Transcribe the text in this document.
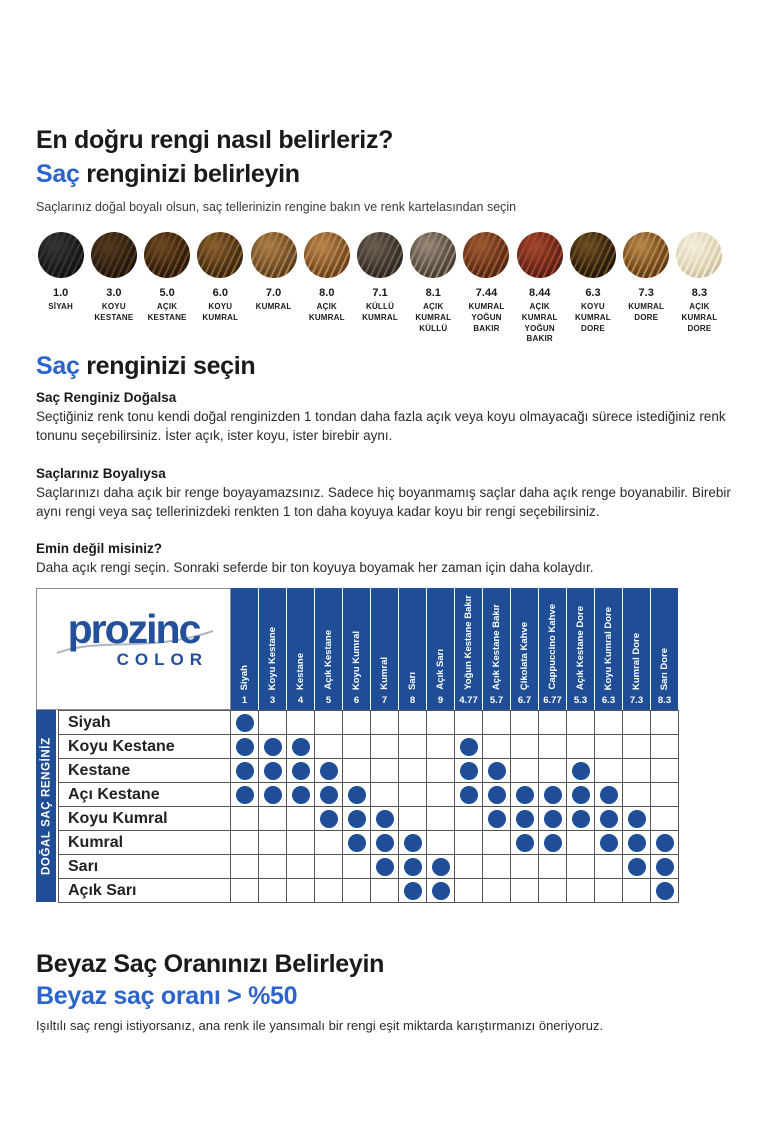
En doğru rengi nasıl belirleriz?
Saç renginizi belirleyin
Saçlarınız doğal boyalı olsun, saç tellerinizin rengine bakın ve renk kartelasından seçin
1.0
SİYAH
3.0
KOYU KESTANE
5.0
AÇIK KESTANE
6.0
KOYU KUMRAL
7.0
KUMRAL
8.0
AÇIK KUMRAL
7.1
KÜLLÜ KUMRAL
8.1
AÇIK KUMRAL KÜLLÜ
7.44
KUMRAL YOĞUN BAKIR
8.44
AÇIK KUMRAL YOĞUN BAKIR
6.3
KOYU KUMRAL DORE
7.3
KUMRAL DORE
8.3
AÇIK KUMRAL DORE
Saç renginizi seçin
Saç Renginiz Doğalsa
Seçtiğiniz renk tonu kendi doğal renginizden 1 tondan daha fazla açık veya koyu olmayacağı sürece istediğiniz renk tonunu seçebilirsiniz. İster açık, ister koyu, ister birebir aynı.
Saçlarınız Boyalıysa
Saçlarınızı daha açık bir renge boyayamazsınız. Sadece hiç boyanmamış saçlar daha açık renge boyanabilir. Birebir aynı rengi veya saç tellerinizdeki renkten 1 ton daha koyuya kadar koyu bir rengi seçebilirsiniz.
Emin değil misiniz?
Daha açık rengi seçin. Sonraki seferde bir ton koyuya boyamak her zaman için daha kolaydır.
prozinc
COLOR
Siyah
1
Koyu Kestane
3
Kestane
4
Açık Kestane
5
Koyu Kumral
6
Kumral
7
Sarı
8
Açık Sarı
9
Yoğun Kestane Bakır
4.77
Açık Kestane Bakır
5.7
Çikolata Kahve
6.7
Cappuccino Kahve
6.77
Açık Kestane Dore
5.3
Koyu Kumral Dore
6.3
Kumral Dore
7.3
Sarı Dore
8.3
DOĞAL SAÇ RENGİNİZ
Siyah
Koyu Kestane
Kestane
Açı Kestane
Koyu Kumral
Kumral
Sarı
Açık Sarı
Beyaz Saç Oranınızı Belirleyin
Beyaz saç oranı > %50
Işıltılı saç rengi istiyorsanız, ana renk ile yansımalı bir rengi eşit miktarda karıştırmanızı öneriyoruz.
